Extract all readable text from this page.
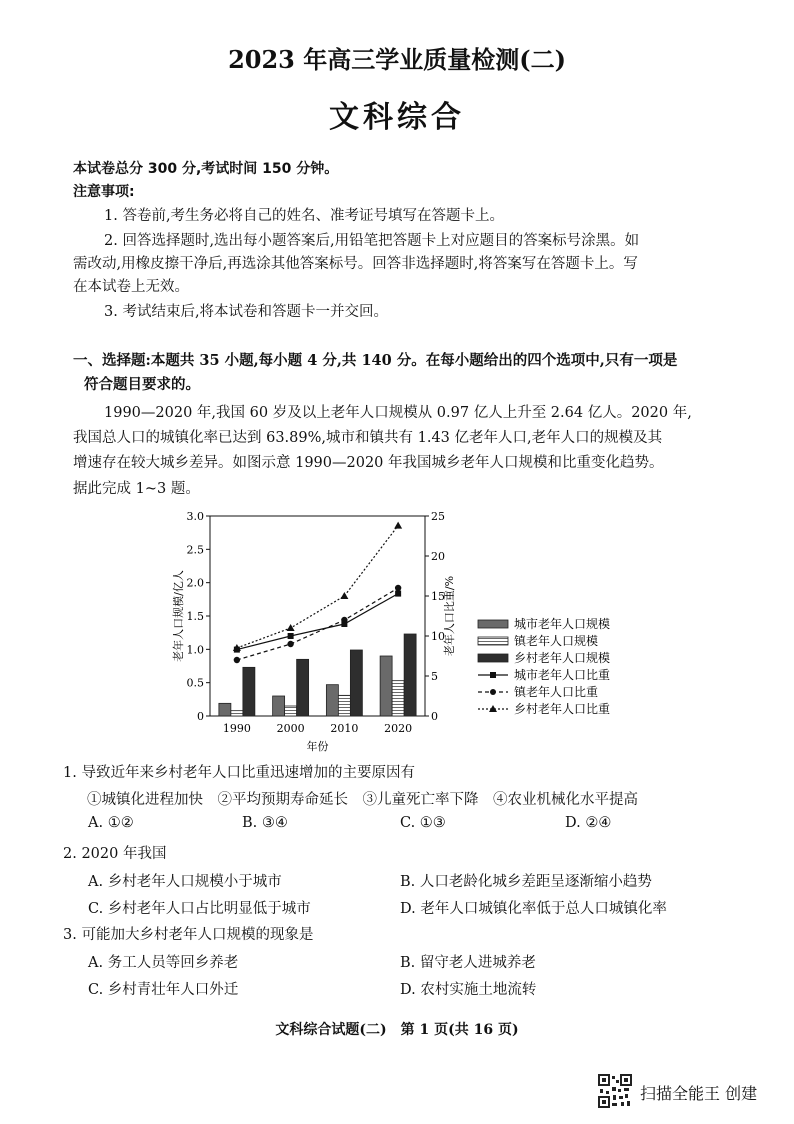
2023 年高三学业质量检测(二)
文科综合
本试卷总分 300 分,考试时间 150 分钟。
注意事项:
1. 答卷前,考生务必将自己的姓名、准考证号填写在答题卡上。
2. 回答选择题时,选出每小题答案后,用铅笔把答题卡上对应题目的答案标号涂黑。如
需改动,用橡皮擦干净后,再选涂其他答案标号。回答非选择题时,将答案写在答题卡上。写
在本试卷上无效。
3. 考试结束后,将本试卷和答题卡一并交回。
一、选择题:本题共 35 小题,每小题 4 分,共 140 分。在每小题给出的四个选项中,只有一项是
符合题目要求的。
1990—2020 年,我国 60 岁及以上老年人口规模从 0.97 亿人上升至 2.64 亿人。2020 年,
我国总人口的城镇化率已达到 63.89%,城市和镇共有 1.43 亿老年人口,老年人口的规模及其
增速存在较大城乡差异。如图示意 1990—2020 年我国城乡老年人口规模和比重变化趋势。
据此完成 1~3 题。
0
0.5
1.0
1.5
2.0
2.5
3.0
0
5
10
15
20
25
1990 2000 2010 2020
年份
老年人口规模/亿人	老年人口比重/%	城市老年人口规模
镇老年人口规模
乡村老年人口规模
城市老年人口比重
镇老年人口比重
乡村老年人口比重
1. 导致近年来乡村老年人口比重迅速增加的主要原因有
①城镇化进程加快　②平均预期寿命延长　③儿童死亡率下降　④农业机械化水平提高
A. ①②	B. ③④	C. ①③	D. ②④
2. 2020 年我国
A. 乡村老年人口规模小于城市	B. 人口老龄化城乡差距呈逐渐缩小趋势
C. 乡村老年人口占比明显低于城市	D. 老年人口城镇化率低于总人口城镇化率
3. 可能加大乡村老年人口规模的现象是
A. 务工人员等回乡养老	B. 留守老人进城养老
C. 乡村青壮年人口外迁	D. 农村实施土地流转
文科综合试题(二)　第 1 页(共 16 页)
扫描全能王 创建
